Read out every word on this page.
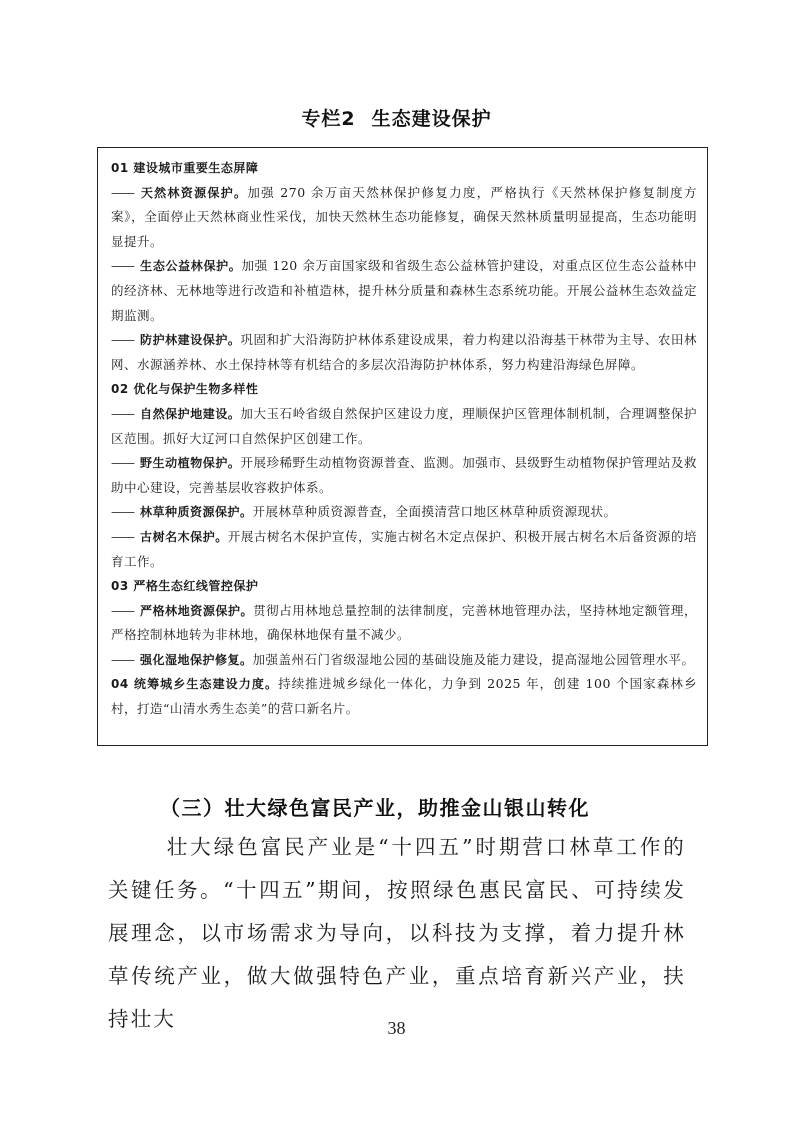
专栏2 生态建设保护
01 建设城市重要生态屏障
—— 天然林资源保护。加强 270 余万亩天然林保护修复力度，严格执行《天然林保护修复制度方案》，全面停止天然林商业性采伐，加快天然林生态功能修复，确保天然林质量明显提高，生态功能明显提升。
—— 生态公益林保护。加强 120 余万亩国家级和省级生态公益林管护建设，对重点区位生态公益林中的经济林、无林地等进行改造和补植造林，提升林分质量和森林生态系统功能。开展公益林生态效益定期监测。
—— 防护林建设保护。巩固和扩大沿海防护林体系建设成果，着力构建以沿海基干林带为主导、农田林网、水源涵养林、水土保持林等有机结合的多层次沿海防护林体系，努力构建沿海绿色屏障。
02 优化与保护生物多样性
—— 自然保护地建设。加大玉石岭省级自然保护区建设力度，理顺保护区管理体制机制，合理调整保护区范围。抓好大辽河口自然保护区创建工作。
—— 野生动植物保护。开展珍稀野生动植物资源普查、监测。加强市、县级野生动植物保护管理站及救助中心建设，完善基层收容救护体系。
—— 林草种质资源保护。开展林草种质资源普查，全面摸清营口地区林草种质资源现状。
—— 古树名木保护。开展古树名木保护宣传，实施古树名木定点保护、积极开展古树名木后备资源的培育工作。
03 严格生态红线管控保护
—— 严格林地资源保护。贯彻占用林地总量控制的法律制度，完善林地管理办法，坚持林地定额管理，严格控制林地转为非林地，确保林地保有量不减少。
—— 强化湿地保护修复。加强盖州石门省级湿地公园的基础设施及能力建设，提高湿地公园管理水平。
04 统筹城乡生态建设力度。持续推进城乡绿化一体化，力争到 2025 年，创建 100 个国家森林乡村，打造“山清水秀生态美”的营口新名片。
（三）壮大绿色富民产业，助推金山银山转化
壮大绿色富民产业是“十四五”时期营口林草工作的关键任务。“十四五”期间，按照绿色惠民富民、可持续发展理念，以市场需求为导向，以科技为支撑，着力提升林草传统产业，做大做强特色产业，重点培育新兴产业，扶持壮大	38
